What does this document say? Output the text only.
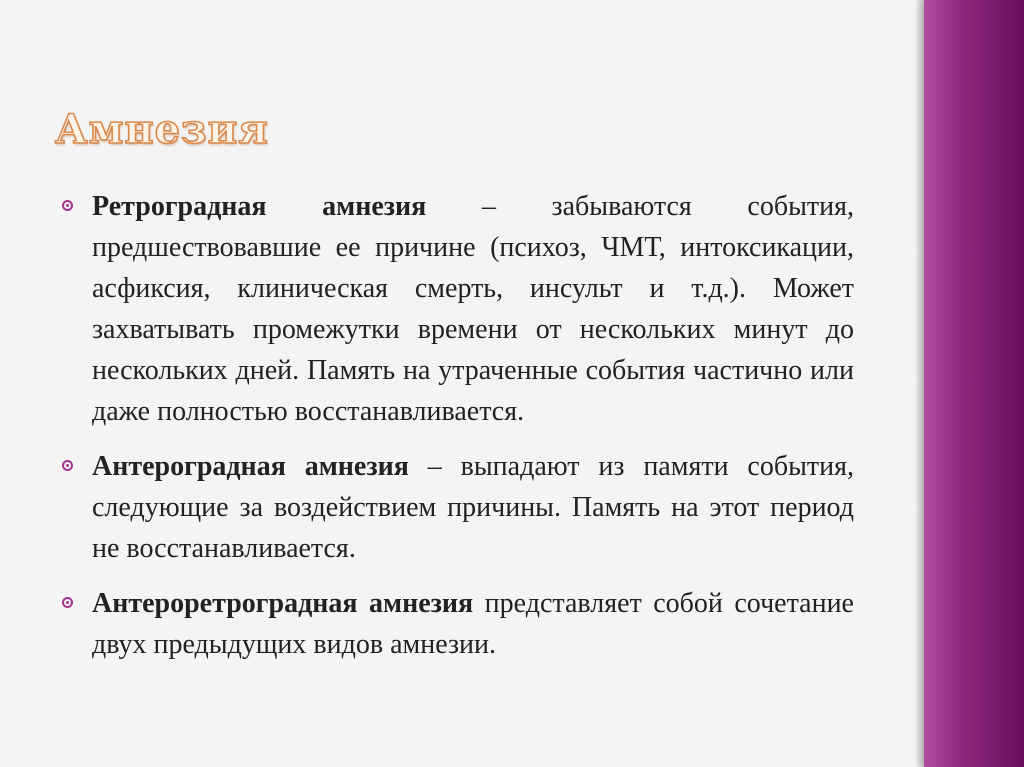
Амнезия
Ретроградная амнезия – забываются события, предшествовавшие ее причине (психоз, ЧМТ, интоксикации, асфиксия, клиническая смерть, инсульт и т.д.). Может захватывать промежутки времени от нескольких минут до нескольких дней. Память на утраченные события частично или даже полностью восстанавливается.
Антероградная амнезия – выпадают из памяти события, следующие за воздействием причины. Память на этот период не восстанавливается.
Антероретроградная амнезия представляет собой сочетание двух предыдущих видов амнезии.
